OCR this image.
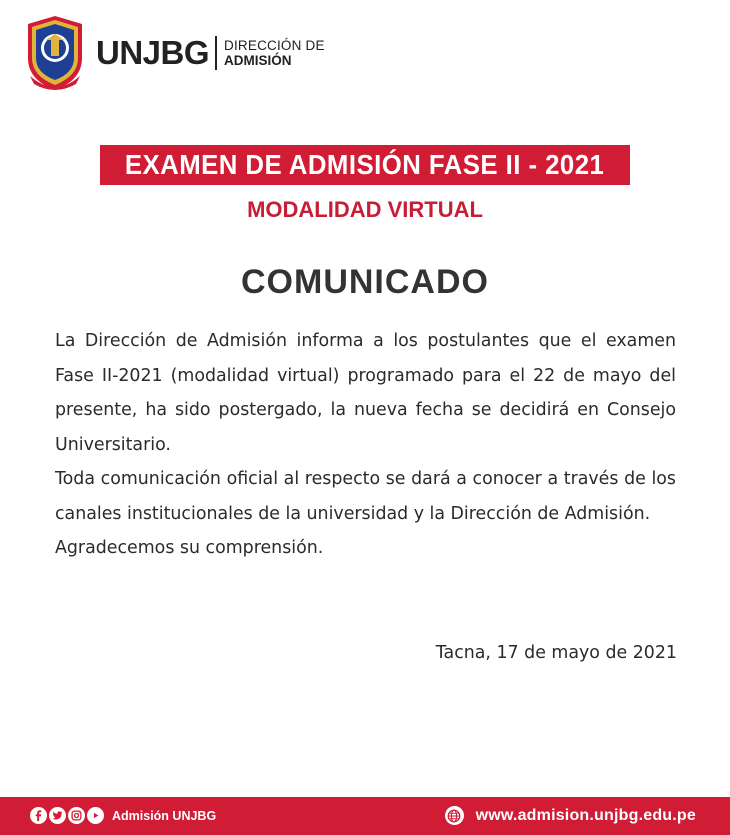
UNJBG DIRECCIÓN DE
ADMISIÓN
EXAMEN DE ADMISIÓN FASE II - 2021
MODALIDAD VIRTUAL
COMUNICADO

La Dirección de Admisión informa a los postulantes que el examen Fase II-2021 (modalidad virtual) programado para el 22 de mayo del presente, ha sido postergado, la nueva fecha se decidirá en Consejo Universitario.

Toda comunicación oficial al respecto se dará a conocer a través de los canales institucionales de la universidad y la Dirección de Admisión.

Agradecemos su comprensión.

Tacna, 17 de mayo de 2021
Admisión UNJBG	www.admision.unjbg.edu.pe
